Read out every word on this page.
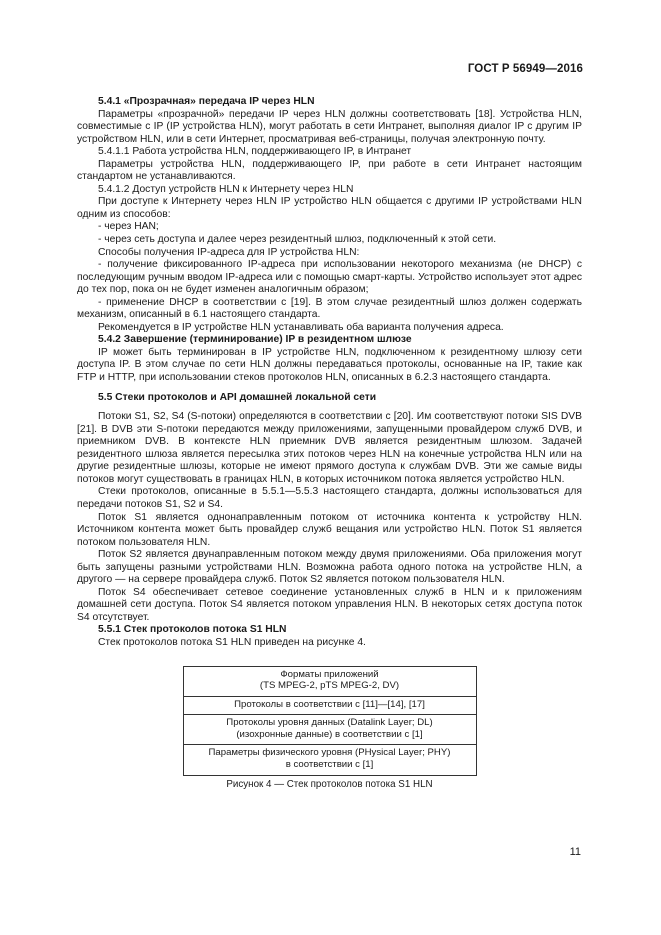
ГОСТ Р 56949—2016

5.4.1 «Прозрачная» передача IP через HLN

Параметры «прозрачной» передачи IP через HLN должны соответствовать [18]. Устройства HLN, совместимые с IP (IP устройства HLN), могут работать в сети Интранет, выполняя диалог IP с другим IP устройством HLN, или в сети Интернет, просматривая веб-страницы, получая электронную почту.

5.4.1.1 Работа устройства HLN, поддерживающего IP, в Интранет

Параметры устройства HLN, поддерживающего IP, при работе в сети Интранет настоящим стандартом не устанавливаются.

5.4.1.2 Доступ устройств HLN к Интернету через HLN

При доступе к Интернету через HLN IP устройство HLN общается с другими IP устройствами HLN одним из способов:

- через HAN;

- через сеть доступа и далее через резидентный шлюз, подключенный к этой сети.

Способы получения IP-адреса для IP устройства HLN:

- получение фиксированного IP-адреса при использовании некоторого механизма (не DHCP) с последующим ручным вводом IP-адреса или с помощью смарт-карты. Устройство использует этот адрес до тех пор, пока он не будет изменен аналогичным образом;

- применение DHCP в соответствии с [19]. В этом случае резидентный шлюз должен содержать механизм, описанный в 6.1 настоящего стандарта.

Рекомендуется в IP устройстве HLN устанавливать оба варианта получения адреса.

5.4.2 Завершение (терминирование) IP в резидентном шлюзе

IP может быть терминирован в IP устройстве HLN, подключенном к резидентному шлюзу сети доступа IP. В этом случае по сети HLN должны передаваться протоколы, основанные на IP, такие как FTP и HTTP, при использовании стеков протоколов HLN, описанных в 6.2.3 настоящего стандарта.

5.5 Стеки протоколов и API домашней локальной сети

Потоки S1, S2, S4 (S-потоки) определяются в соответствии с [20]. Им соответствуют потоки SIS DVB [21]. В DVB эти S-потоки передаются между приложениями, запущенными провайдером служб DVB, и приемником DVB. В контексте HLN приемник DVB является резидентным шлюзом. Задачей резидентного шлюза является пересылка этих потоков через HLN на конечные устройства HLN или на другие резидентные шлюзы, которые не имеют прямого доступа к службам DVB. Эти же самые виды потоков могут существовать в границах HLN, в которых источником потока является устройство HLN.

Стеки протоколов, описанные в 5.5.1—5.5.3 настоящего стандарта, должны использоваться для передачи потоков S1, S2 и S4.

Поток S1 является однонаправленным потоком от источника контента к устройству HLN. Источником контента может быть провайдер служб вещания или устройство HLN. Поток S1 является потоком пользователя HLN.

Поток S2 является двунаправленным потоком между двумя приложениями. Оба приложения могут быть запущены разными устройствами HLN. Возможна работа одного потока на устройстве HLN, а другого — на сервере провайдера служб. Поток S2 является потоком пользователя HLN.

Поток S4 обеспечивает сетевое соединение установленных служб в HLN и к приложениям домашней сети доступа. Поток S4 является потоком управления HLN. В некоторых сетях доступа поток S4 отсутствует.

5.5.1 Стек протоколов потока S1 HLN

Стек протоколов потока S1 HLN приведен на рисунке 4.

Форматы приложений
(TS MPEG-2, pTS MPEG-2, DV)

Протоколы в соответствии с [11]—[14], [17]

Протоколы уровня данных (Datalink Layer; DL)
(изохронные данные) в соответствии с [1]

Параметры физического уровня (PHysical Layer; PHY)
в соответствии с [1]
Рисунок 4 — Стек протоколов потока S1 HLN
11
